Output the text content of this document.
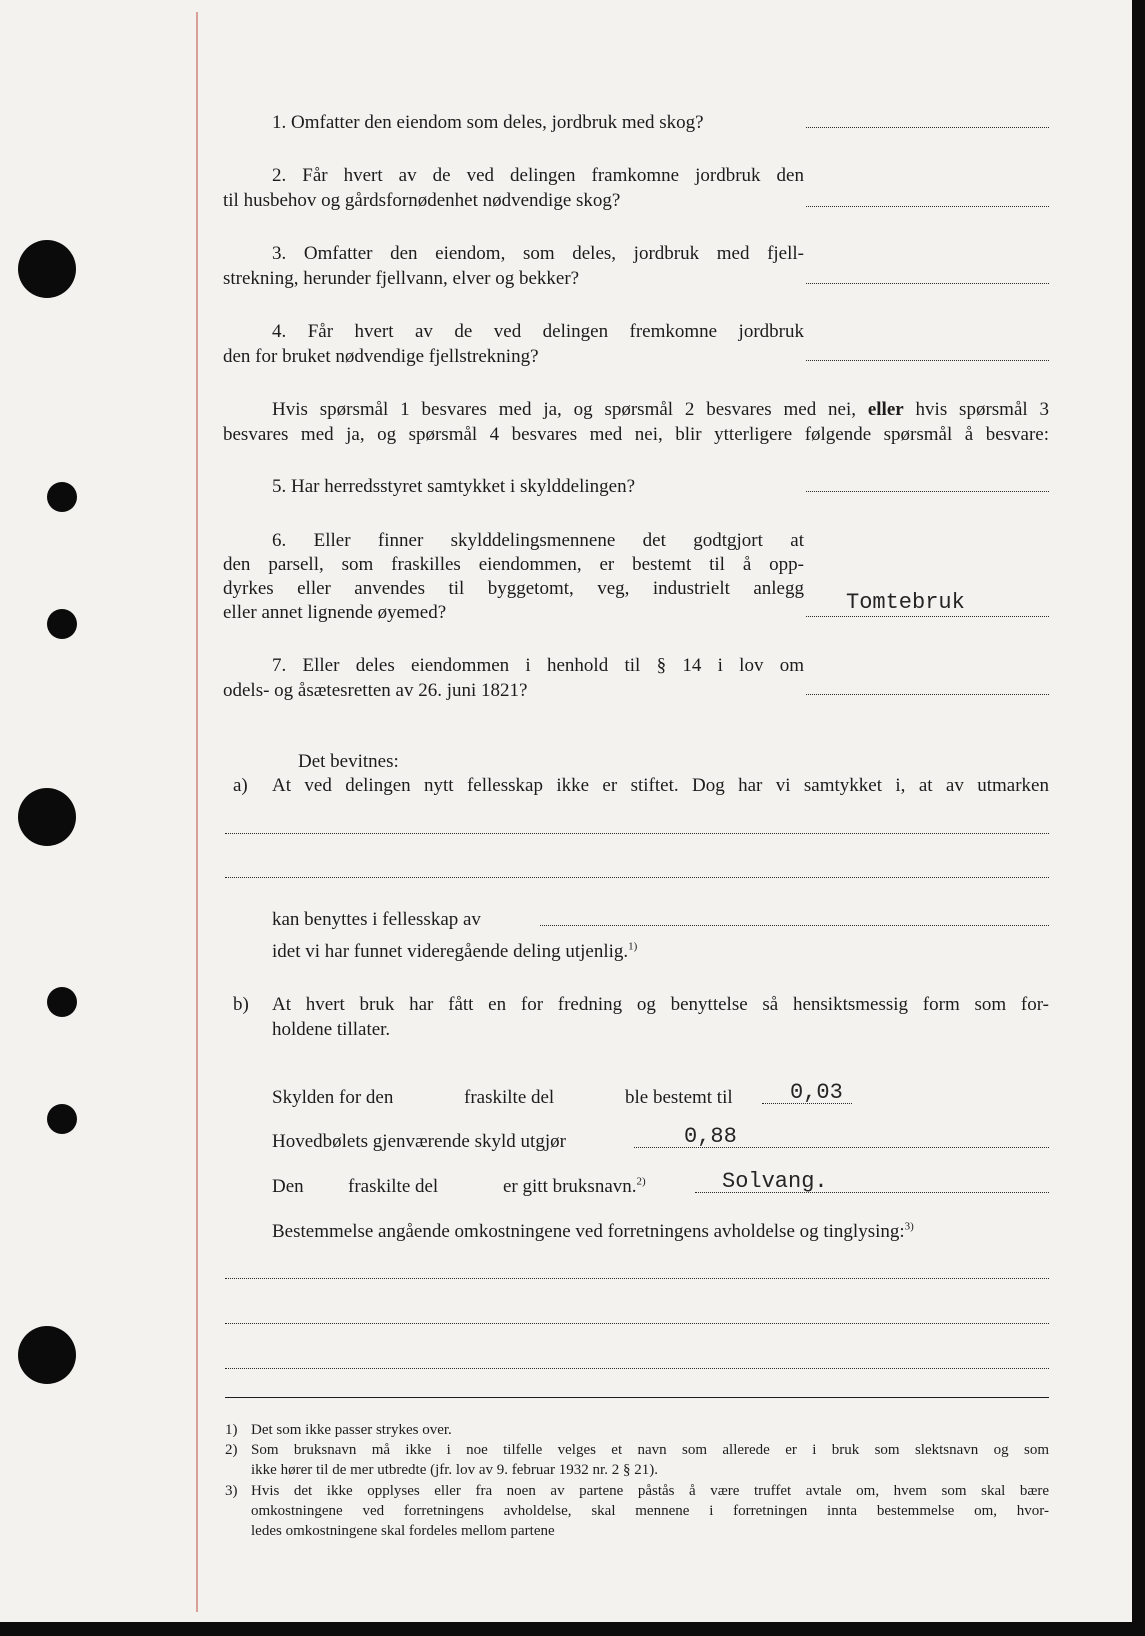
1. Omfatter den eiendom som deles, jordbruk med skog?
2. Får hvert av de ved delingen framkomne jordbruk den
til husbehov og gårdsfornødenhet nødvendige skog?
3. Omfatter den eiendom, som deles, jordbruk med fjell-
strekning, herunder fjellvann, elver og bekker?
4. Får hvert av de ved delingen fremkomne jordbruk
den for bruket nødvendige fjellstrekning?
Hvis spørsmål 1 besvares med ja, og spørsmål 2 besvares med nei, eller hvis spørsmål 3
besvares med ja, og spørsmål 4 besvares med nei, blir ytterligere følgende spørsmål å besvare:
5. Har herredsstyret samtykket i skylddelingen?
6. Eller finner skylddelingsmennene det godtgjort at
den parsell, som fraskilles eiendommen, er bestemt til å opp-
dyrkes eller anvendes til byggetomt, veg, industrielt anlegg
eller annet lignende øyemed?	Tomtebruk
7. Eller deles eiendommen i henhold til § 14 i lov om
odels- og åsætesretten av 26. juni 1821?
Det bevitnes:
a) At ved delingen nytt fellesskap ikke er stiftet. Dog har vi samtykket i, at av utmarken
kan benyttes i fellesskap av
idet vi har funnet videregående deling utjenlig.$^{1)}$
b) At hvert bruk har fått en for fredning og benyttelse så hensiktsmessig form som for-
holdene tillater.
Skylden for den	fraskilte del	ble bestemt til	0,03
Hovedbølets gjenværende skyld utgjør	0,88
Den fraskilte del	er gitt bruksnavn.$^{2)}$	Solvang.
Bestemmelse angående omkostningene ved forretningens avholdelse og tinglysing:$^{3)}$
1) Det som ikke passer strykes over.
2) Som bruksnavn må ikke i noe tilfelle velges et navn som allerede er i bruk som slektsnavn og som
ikke hører til de mer utbredte (jfr. lov av 9. februar 1932 nr. 2 § 21).
3) Hvis det ikke opplyses eller fra noen av partene påstås å være truffet avtale om, hvem som skal bære
omkostningene ved forretningens avholdelse, skal mennene i forretningen innta bestemmelse om, hvor-
ledes omkostningene skal fordeles mellom partene
